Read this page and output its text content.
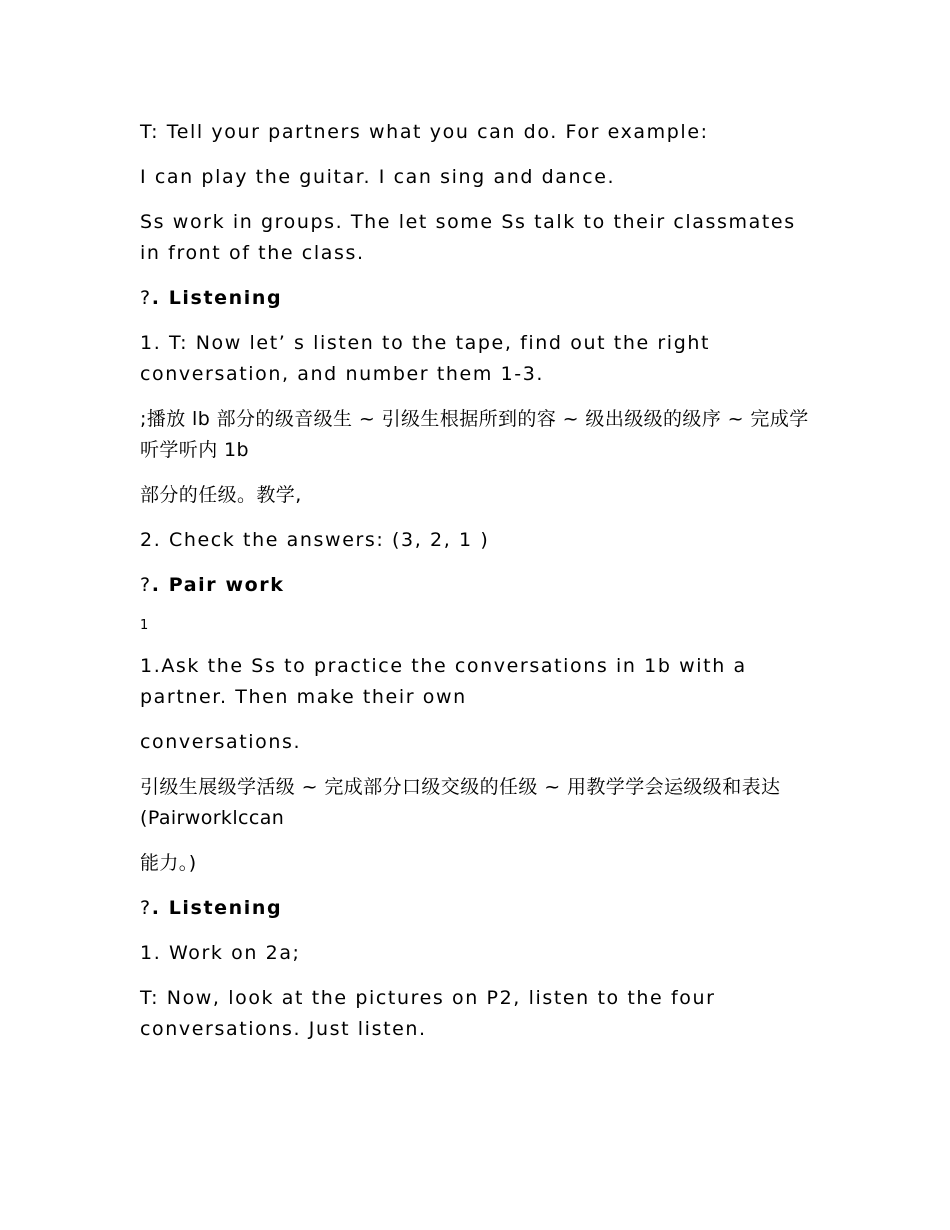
T: Tell your partners what you can do. For example:

I can play the guitar. I can sing and dance.

Ss work in groups. The let some Ss talk to their classmates in front of the class.

?. Listening

1. T: Now let’ s listen to the tape, find out the right conversation, and number them 1-3.

;播放 lb 部分的级音级生 ~ 引级生根据所到的容 ~ 级出级级的级序 ~ 完成学听学听内 1b

部分的任级。教学,

2. Check the answers: (3, 2, 1 )

?. Pair work

1

1.Ask the Ss to practice the conversations in 1b with a partner. Then make their own

conversations.

引级生展级学活级 ~ 完成部分口级交级的任级 ~ 用教学学会运级级和表达(Pairworklccan

能力。)

?. Listening

1. Work on 2a;

T: Now, look at the pictures on P2, listen to the four conversations. Just listen.
